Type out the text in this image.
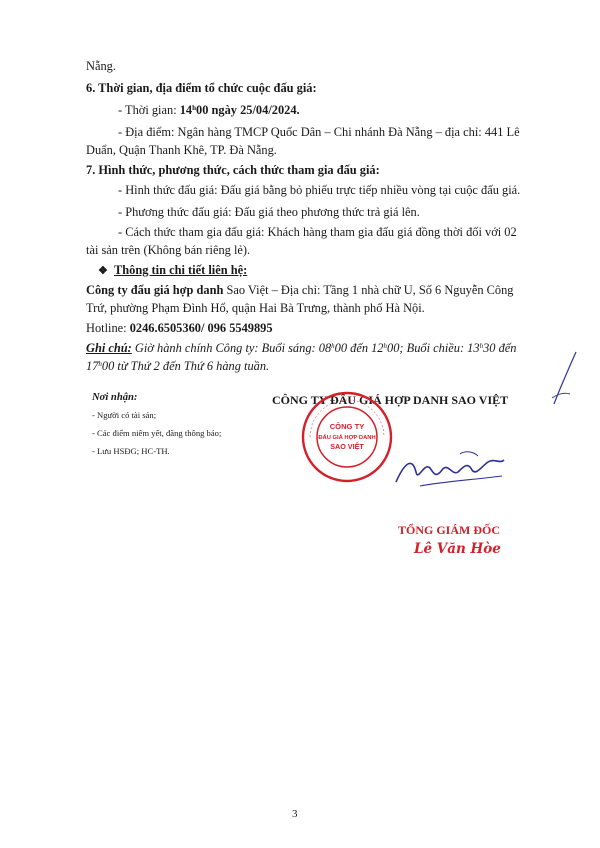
Nẵng.
6. Thời gian, địa điểm tổ chức cuộc đấu giá:
- Thời gian: 14$^h$00 ngày 25/04/2024.
- Địa điểm: Ngân hàng TMCP Quốc Dân – Chi nhánh Đà Nẵng – địa chỉ: 441 Lê
Duẩn, Quận Thanh Khê, TP. Đà Nẵng.
7. Hình thức, phương thức, cách thức tham gia đấu giá:
- Hình thức đấu giá: Đấu giá bằng bỏ phiếu trực tiếp nhiều vòng tại cuộc đấu giá.
- Phương thức đấu giá: Đấu giá theo phương thức trả giá lên.
- Cách thức tham gia đấu giá: Khách hàng tham gia đấu giá đồng thời đối với 02
tài sản trên (Không bán riêng lẻ).
❖ Thông tin chi tiết liên hệ:
Công ty đấu giá hợp danh Sao Việt – Địa chỉ: Tầng 1 nhà chữ U, Số 6 Nguyễn Công
Trứ, phường Phạm Đình Hổ, quận Hai Bà Trưng, thành phố Hà Nội.
Hotline: 0246.6505360/ 096 5549895
Ghi chú: Giờ hành chính Công ty: Buổi sáng: 08$^h$00 đến 12$^h$00; Buổi chiều: 13$^h$30 đến
17$^h$00 từ Thứ 2 đến Thứ 6 hàng tuần.
Nơi nhận:
- Người có tài sản;
- Các điểm niêm yết, đăng thông báo;
- Lưu HSĐG; HC-TH.
CÔNG TY ĐẤU GIÁ HỢP DANH SAO VIỆT
CÔNG TY
ĐẤU GIÁ HỢP DANH
SAO VIỆT
TỔNG GIÁM ĐỐC
Lê Văn Hòe
3
